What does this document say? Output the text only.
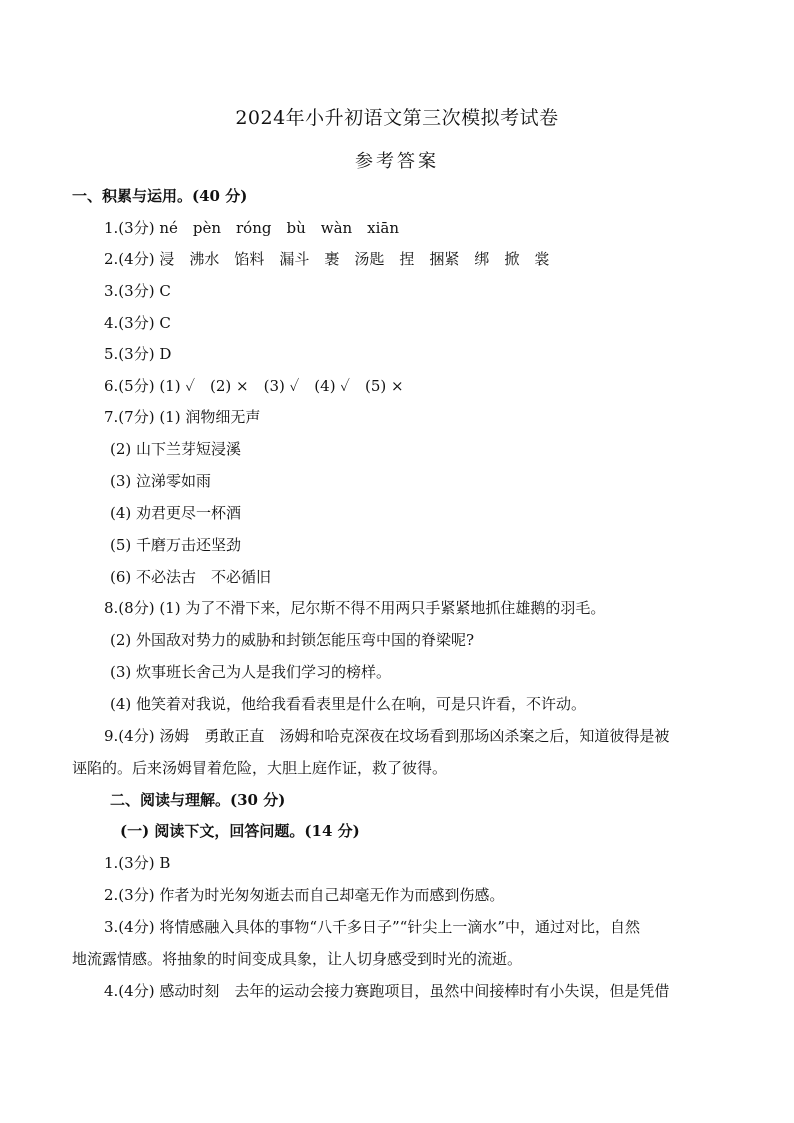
2024年小升初语文第三次模拟考试卷
参考答案
一、积累与运用。(40 分)
1.(3分) né　pèn　róng　bù　wàn　xiān
2.(4分) 浸　沸水　馅料　漏斗　裹　汤匙　捏　捆紧　绑　掀　裳
3.(3分) C
4.(3分) C
5.(3分) D
6.(5分) (1) ✓　(2) ×　(3) ✓　(4) ✓　(5) ×
7.(7分) (1) 润物细无声
(2) 山下兰芽短浸溪
(3) 泣涕零如雨
(4) 劝君更尽一杯酒
(5) 千磨万击还坚劲
(6) 不必法古　不必循旧
8.(8分) (1) 为了不滑下来，尼尔斯不得不用两只手紧紧地抓住雄鹅的羽毛。
(2) 外国敌对势力的威胁和封锁怎能压弯中国的脊梁呢?
(3) 炊事班长舍己为人是我们学习的榜样。
(4) 他笑着对我说，他给我看看表里是什么在响，可是只许看，不许动。
9.(4分) 汤姆　勇敢正直　汤姆和哈克深夜在坟场看到那场凶杀案之后，知道彼得是被
诬陷的。后来汤姆冒着危险，大胆上庭作证，救了彼得。
二、阅读与理解。(30 分)
(一) 阅读下文，回答问题。(14 分)
1.(3分) B
2.(3分) 作者为时光匆匆逝去而自己却毫无作为而感到伤感。
3.(4分) 将情感融入具体的事物“八千多日子”“针尖上一滴水”中，通过对比，自然
地流露情感。将抽象的时间变成具象，让人切身感受到时光的流逝。
4.(4分) 感动时刻　去年的运动会接力赛跑项目，虽然中间接棒时有小失误，但是凭借
